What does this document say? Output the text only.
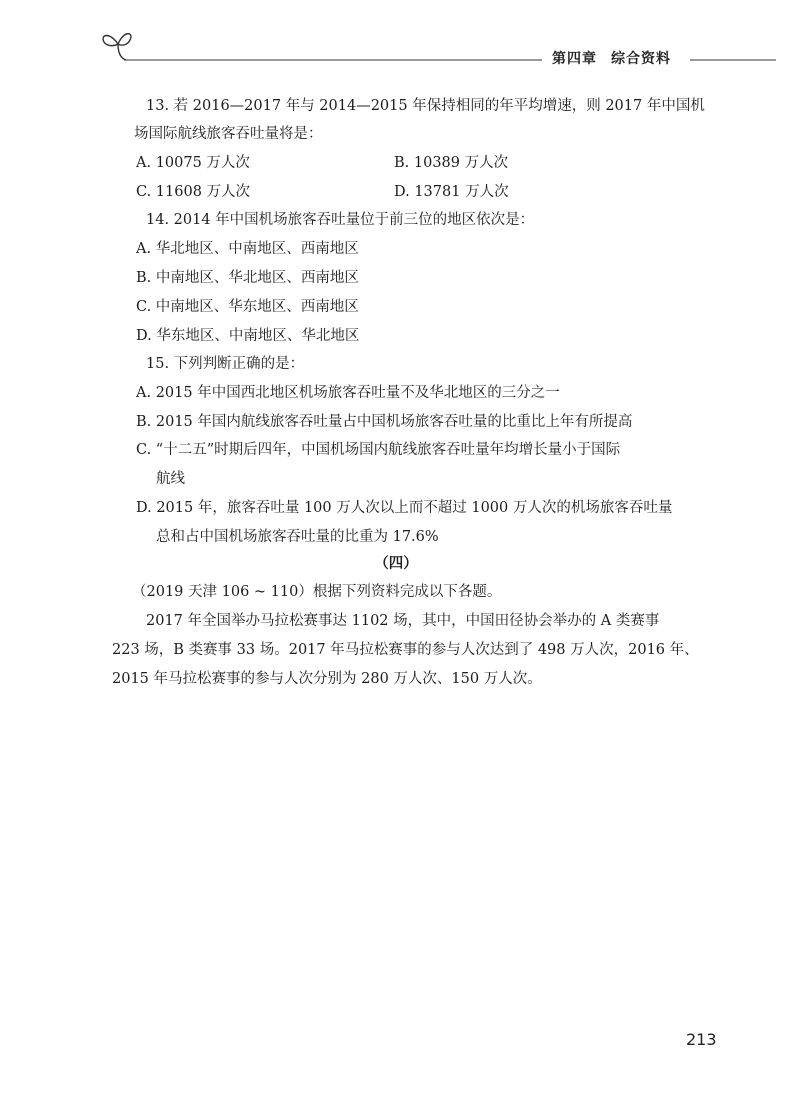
第四章 综合资料
13. 若 2016—2017 年与 2014—2015 年保持相同的年平均增速，则 2017 年中国机
场国际航线旅客吞吐量将是：
A. 10075 万人次	B. 10389 万人次
C. 11608 万人次	D. 13781 万人次
14. 2014 年中国机场旅客吞吐量位于前三位的地区依次是：
A. 华北地区、中南地区、西南地区
B. 中南地区、华北地区、西南地区
C. 中南地区、华东地区、西南地区
D. 华东地区、中南地区、华北地区
15. 下列判断正确的是：
A. 2015 年中国西北地区机场旅客吞吐量不及华北地区的三分之一
B. 2015 年国内航线旅客吞吐量占中国机场旅客吞吐量的比重比上年有所提高
C. “十二五”时期后四年，中国机场国内航线旅客吞吐量年均增长量小于国际
航线
D. 2015 年，旅客吞吐量 100 万人次以上而不超过 1000 万人次的机场旅客吞吐量
总和占中国机场旅客吞吐量的比重为 17.6%
（四）
（2019 天津 106 ~ 110）根据下列资料完成以下各题。
2017 年全国举办马拉松赛事达 1102 场，其中，中国田径协会举办的 A 类赛事
223 场，B 类赛事 33 场。2017 年马拉松赛事的参与人次达到了 498 万人次，2016 年、
2015 年马拉松赛事的参与人次分别为 280 万人次、150 万人次。
213
